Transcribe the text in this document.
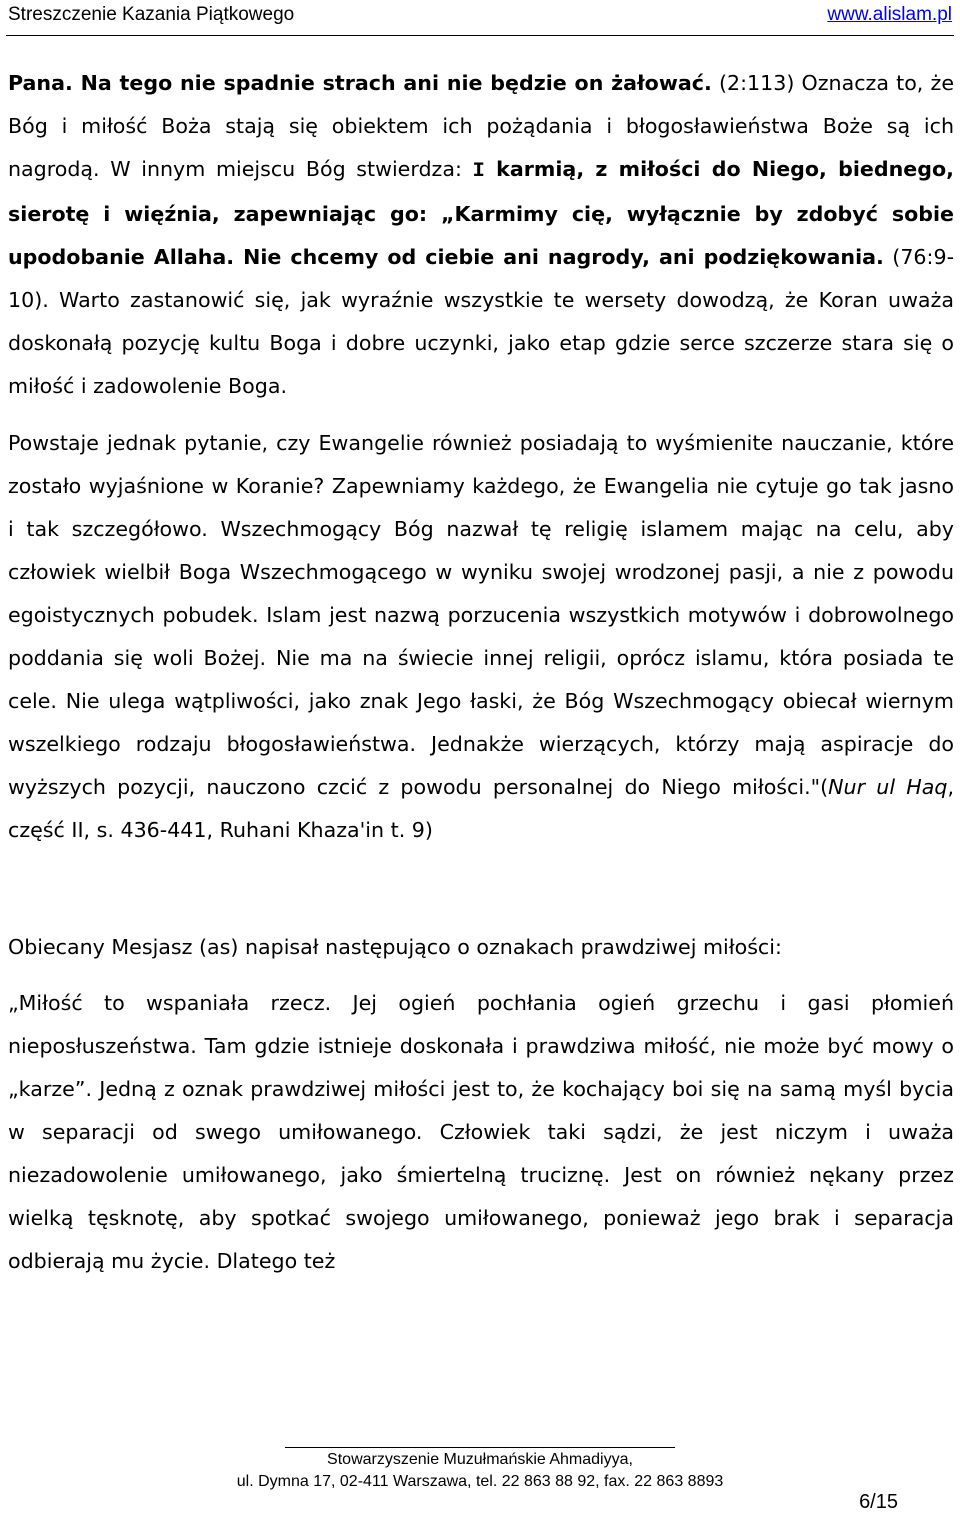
Streszczenie Kazania Piątkowego	www.alislam.pl

Pana. Na tego nie spadnie strach ani nie będzie on żałować. (2:113) Oznacza to, że Bóg i miłość Boża stają się obiektem ich pożądania i błogosławieństwa Boże są ich nagrodą. W innym miejscu Bóg stwierdza: I karmią, z miłości do Niego, biednego, sierotę i więźnia, zapewniając go: „Karmimy cię, wyłącznie by zdobyć sobie upodobanie Allaha. Nie chcemy od ciebie ani nagrody, ani podziękowania. (76:9-10). Warto zastanowić się, jak wyraźnie wszystkie te wersety dowodzą, że Koran uważa doskonałą pozycję kultu Boga i dobre uczynki, jako etap gdzie serce szczerze stara się o miłość i zadowolenie Boga.

Powstaje jednak pytanie, czy Ewangelie również posiadają to wyśmienite nauczanie, które zostało wyjaśnione w Koranie? Zapewniamy każdego, że Ewangelia nie cytuje go tak jasno i tak szczegółowo. Wszechmogący Bóg nazwał tę religię islamem mając na celu, aby człowiek wielbił Boga Wszechmogącego w wyniku swojej wrodzonej pasji, a nie z powodu egoistycznych pobudek. Islam jest nazwą porzucenia wszystkich motywów i dobrowolnego poddania się woli Bożej. Nie ma na świecie innej religii, oprócz islamu, która posiada te cele. Nie ulega wątpliwości, jako znak Jego łaski, że Bóg Wszechmogący obiecał wiernym wszelkiego rodzaju błogosławieństwa. Jednakże wierzących, którzy mają aspiracje do wyższych pozycji, nauczono czcić z powodu personalnej do Niego miłości."(Nur ul Haq, część II, s. 436-441, Ruhani Khaza'in t. 9)

Obiecany Mesjasz (as) napisał następująco o oznakach prawdziwej miłości:

„Miłość to wspaniała rzecz. Jej ogień pochłania ogień grzechu i gasi płomień nieposłuszeństwa. Tam gdzie istnieje doskonała i prawdziwa miłość, nie może być mowy o „karze”. Jedną z oznak prawdziwej miłości jest to, że kochający boi się na samą myśl bycia w separacji od swego umiłowanego. Człowiek taki sądzi, że jest niczym i uważa niezadowolenie umiłowanego, jako śmiertelną truciznę. Jest on również nękany przez wielką tęsknotę, aby spotkać swojego umiłowanego, ponieważ jego brak i separacja odbierają mu życie. Dlatego też

Stowarzyszenie Muzułmańskie Ahmadiyya,
ul. Dymna 17, 02-411 Warszawa, tel. 22 863 88 92, fax. 22 863 8893
6/15
